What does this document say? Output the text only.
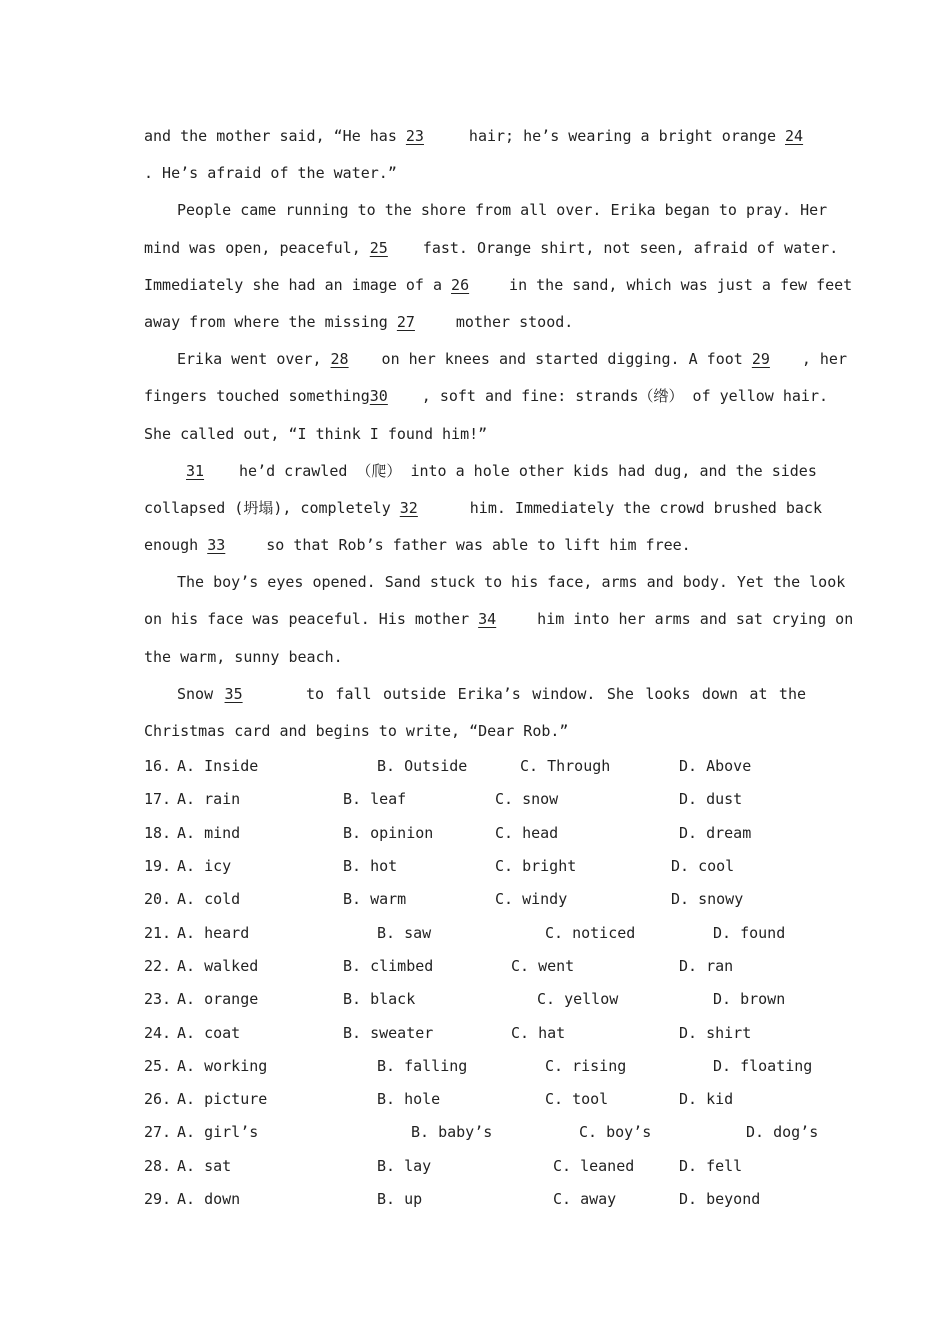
and the mother said, “He has 23 hair; he’s wearing a bright orange 24
. He’s afraid of the water.”
People came running to the shore from all over. Erika began to pray. Her
mind was open, peaceful, 25 fast. Orange shirt, not seen, afraid of water.
Immediately she had an image of a 26	in the sand, which was just a few feet
away from where the missing 27 mother stood.
Erika went over, 28 on her knees and started digging. A foot 29 , her
fingers touched something30 , soft and fine: strands（绺） of yellow hair.
She called out, “I think I found him!”
31 he’d crawled （爬） into a hole other kids had dug, and the sides
collapsed (坍塌), completely 32	him. Immediately the crowd brushed back
enough 33 so that Rob’s father was able to lift him free.
The boy’s eyes opened. Sand stuck to his face, arms and body. Yet the look
on his face was peaceful. His mother 34 him into her arms and sat crying on
the warm, sunny beach.
Snow 35	to fall outside Erika’s window. She looks down at the
Christmas card and begins to write, “Dear Rob.”
16. A. Inside	B. Outside	C. Through	D. Above
17. A. rain	B. leaf	C. snow	D. dust
18. A. mind	B. opinion	C. head	D. dream
19. A. icy	B. hot	C. bright	D. cool
20. A. cold	B. warm	C. windy	D. snowy
21. A. heard	B. saw	C. noticed	D. found
22. A. walked	B. climbed	C. went	D. ran
23. A. orange	B. black	C. yellow	D. brown
24. A. coat	B. sweater	C. hat	D. shirt
25. A. working	B. falling	C. rising	D. floating
26. A. picture	B. hole	C. tool	D. kid
27. A. girl’s	B. baby’s	C. boy’s	D. dog’s
28. A. sat	B. lay	C. leaned	D. fell
29. A. down	B. up	C. away	D. beyond
